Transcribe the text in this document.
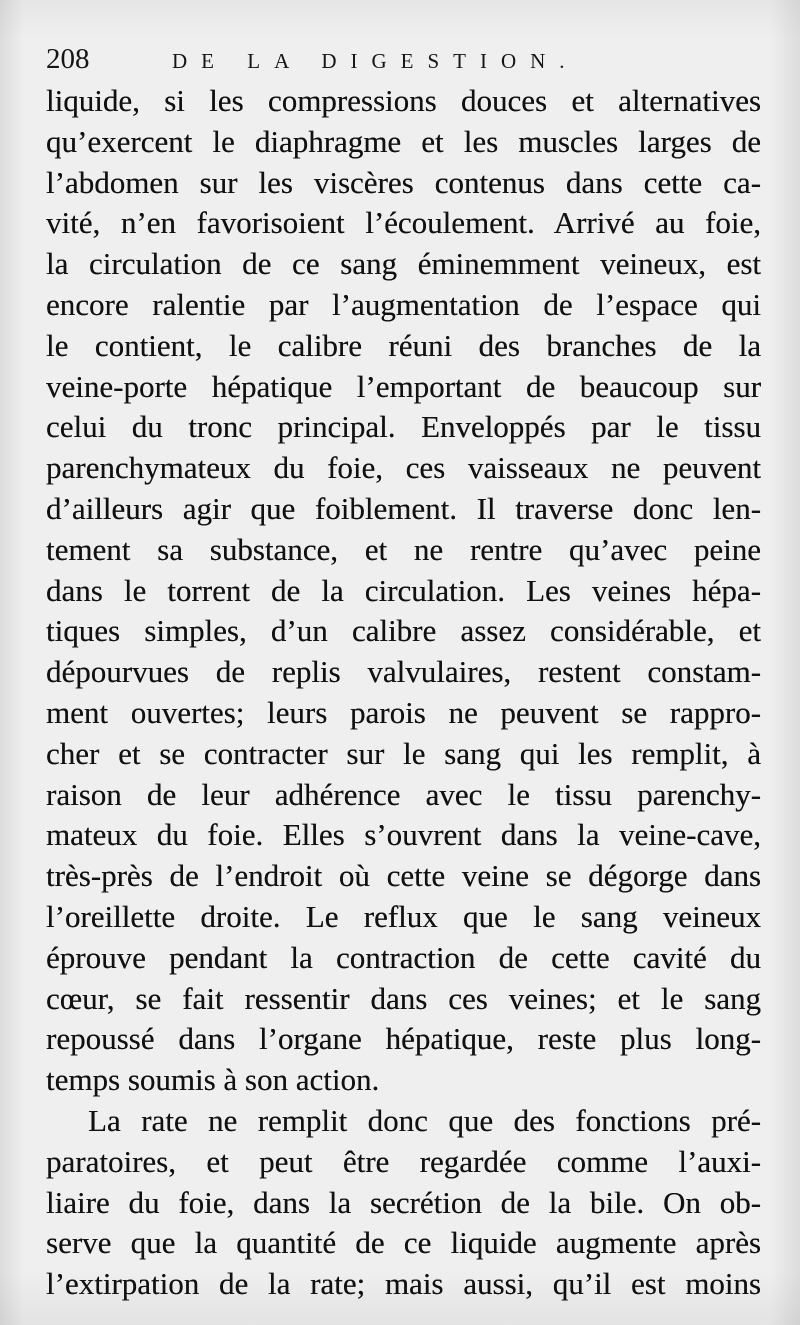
208	DE LA DIGESTION.
liquide, si les compressions douces et alternatives
qu’exercent le diaphragme et les muscles larges de
l’abdomen sur les viscères contenus dans cette ca-
vité, n’en favorisoient l’écoulement. Arrivé au foie,
la circulation de ce sang éminemment veineux, est
encore ralentie par l’augmentation de l’espace qui
le contient, le calibre réuni des branches de la
veine-porte hépatique l’emportant de beaucoup sur
celui du tronc principal. Enveloppés par le tissu
parenchymateux du foie, ces vaisseaux ne peuvent
d’ailleurs agir que foiblement. Il traverse donc len-
tement sa substance, et ne rentre qu’avec peine
dans le torrent de la circulation. Les veines hépa-
tiques simples, d’un calibre assez considérable, et
dépourvues de replis valvulaires, restent constam-
ment ouvertes; leurs parois ne peuvent se rappro-
cher et se contracter sur le sang qui les remplit, à
raison de leur adhérence avec le tissu parenchy-
mateux du foie. Elles s’ouvrent dans la veine-cave,
très-près de l’endroit où cette veine se dégorge dans
l’oreillette droite. Le reflux que le sang veineux
éprouve pendant la contraction de cette cavité du
cœur, se fait ressentir dans ces veines; et le sang
repoussé dans l’organe hépatique, reste plus long-
temps soumis à son action.
La rate ne remplit donc que des fonctions pré-
paratoires, et peut être regardée comme l’auxi-
liaire du foie, dans la secrétion de la bile. On ob-
serve que la quantité de ce liquide augmente après
l’extirpation de la rate; mais aussi, qu’il est moins
